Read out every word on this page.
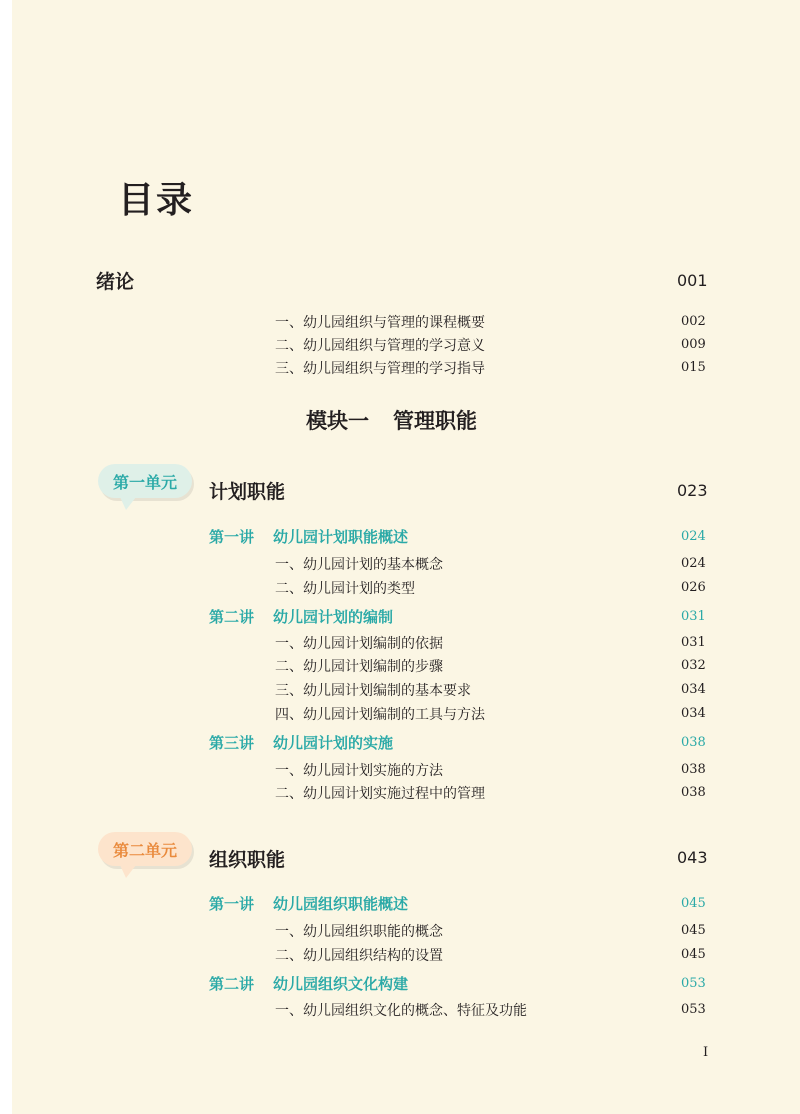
目录
绪论	001
一、幼儿园组织与管理的课程概要	002
二、幼儿园组织与管理的学习意义	009
三、幼儿园组织与管理的学习指导	015
模块一 管理职能
第一单元 计划职能	023
第一讲 幼儿园计划职能概述	024
一、幼儿园计划的基本概念	024
二、幼儿园计划的类型	026
第二讲 幼儿园计划的编制	031
一、幼儿园计划编制的依据	031
二、幼儿园计划编制的步骤	032
三、幼儿园计划编制的基本要求	034
四、幼儿园计划编制的工具与方法	034
第三讲 幼儿园计划的实施	038
一、幼儿园计划实施的方法	038
二、幼儿园计划实施过程中的管理	038
第二单元 组织职能	043
第一讲 幼儿园组织职能概述	045
一、幼儿园组织职能的概念	045
二、幼儿园组织结构的设置	045
第二讲 幼儿园组织文化构建	053
一、幼儿园组织文化的概念、特征及功能	053
I
